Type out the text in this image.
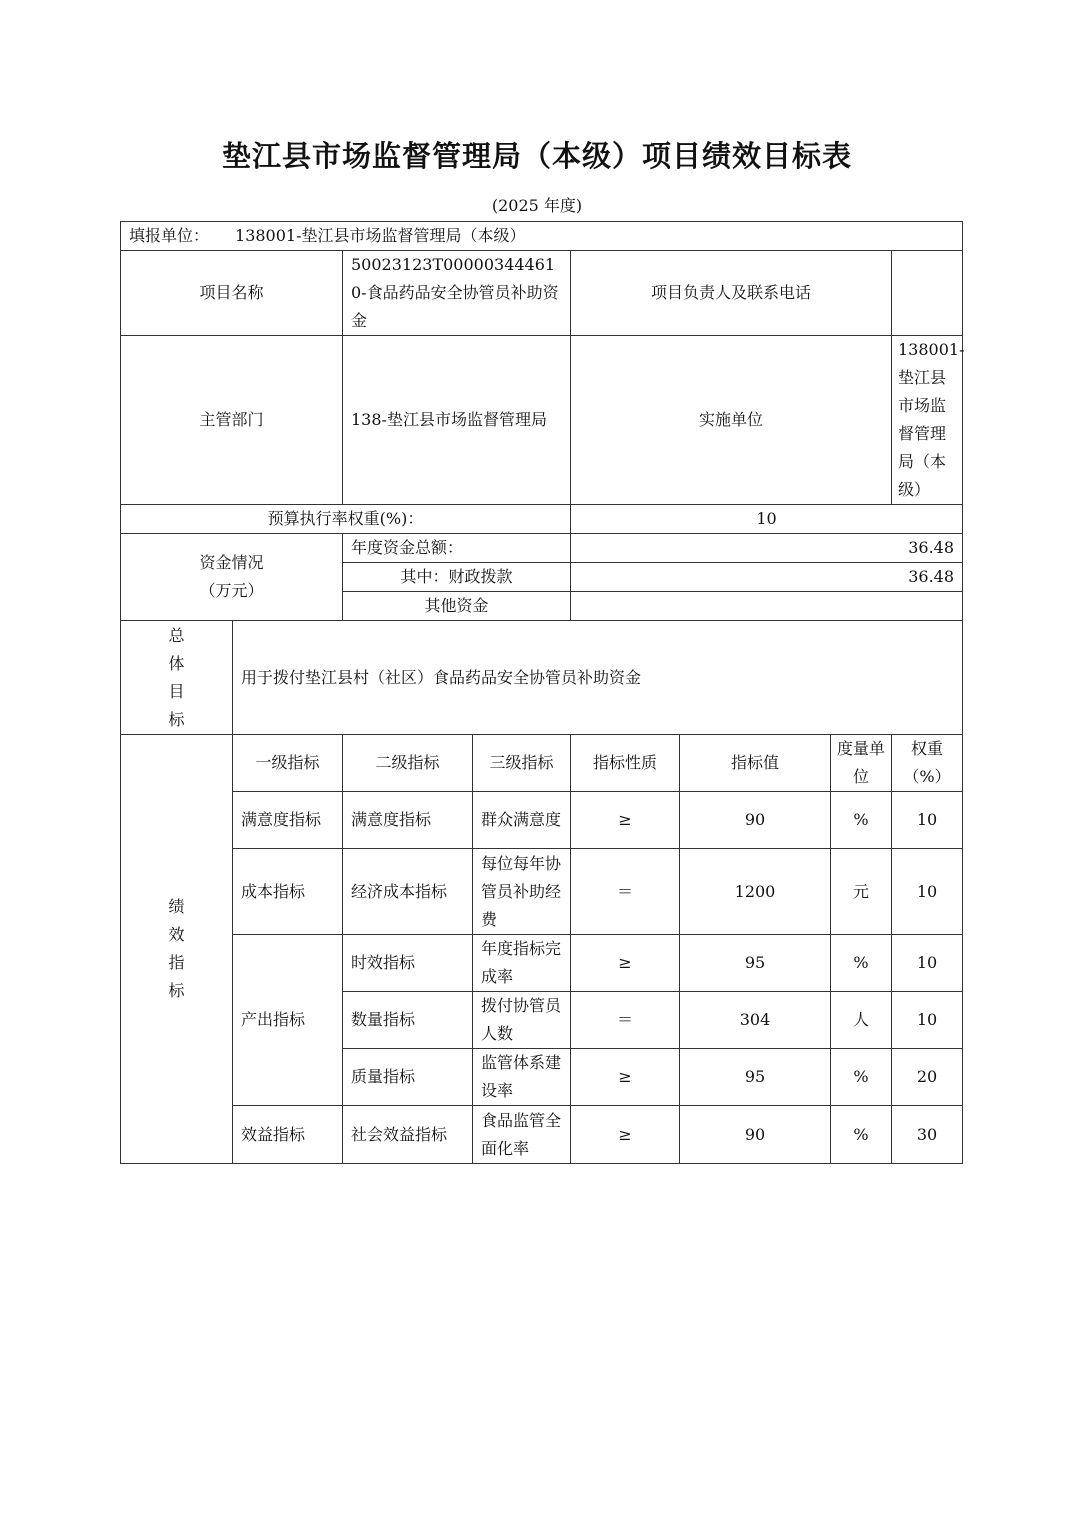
垫江县市场监督管理局（本级）项目绩效目标表
(2025 年度)
填报单位： 138001-垫江县市场监督管理局（本级）							
项目名称		50023123T000003444610-食品药品安全协管员补助资金		项目负责人及联系电话			
主管部门		138-垫江县市场监督管理局		实施单位			138001-垫江县市场监督管理局（本级）
预算执行率权重(%)：				10			

资金情况
（万元）		年度资金总额：		36.48			
		其中：财政拨款		36.48			
		其他资金					

总
体
目
标	用于拨付垫江县村（社区）食品药品安全协管员补助资金						

绩
效
指
标	一级指标	二级指标	三级指标	指标性质	指标值	度量单位	权重（%）
	满意度指标	满意度指标	群众满意度	≥	90	%	10
	成本指标	经济成本指标	每位每年协管员补助经费	＝	1200	元	10
	产出指标	时效指标	年度指标完成率	≥	95	%	10
		数量指标	拨付协管员人数	＝	304	人	10
		质量指标	监管体系建设率	≥	95	%	20
	效益指标	社会效益指标	食品监管全面化率	≥	90	%	30
